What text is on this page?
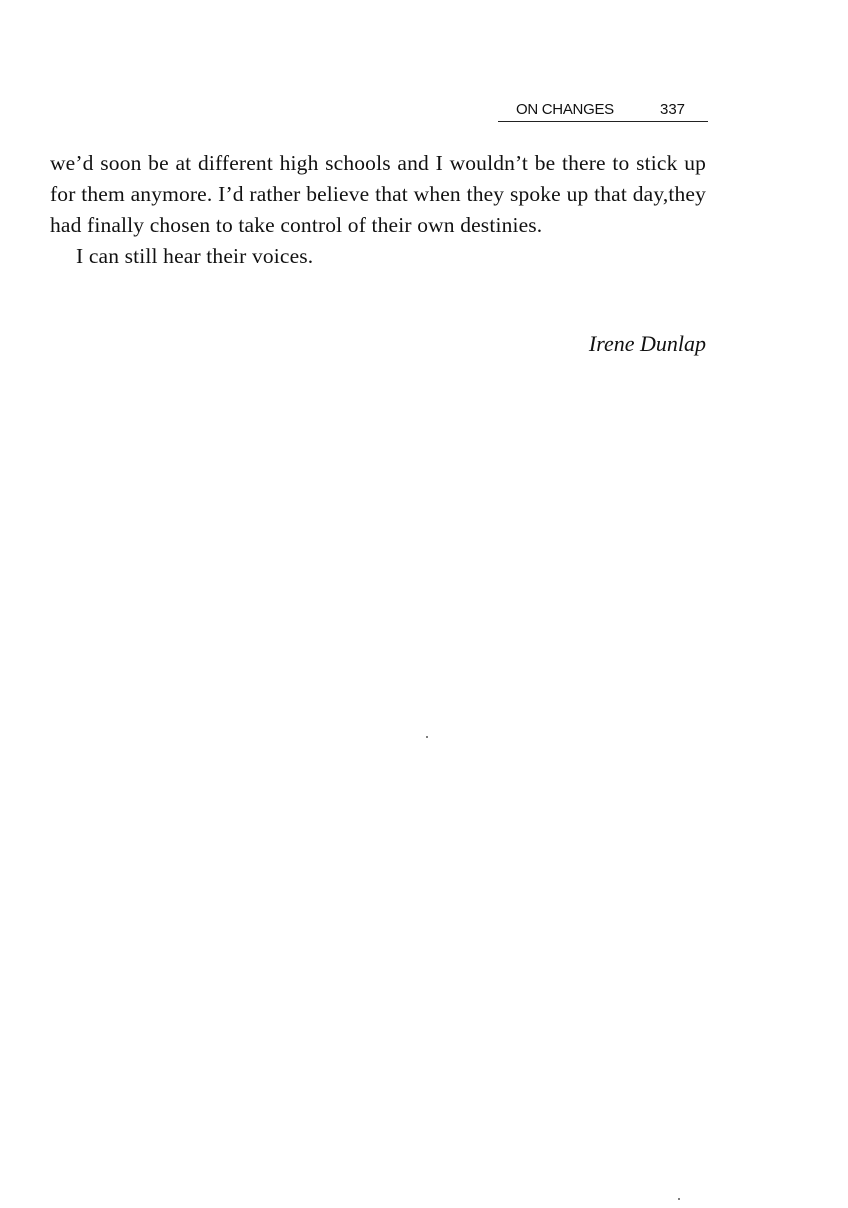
ON CHANGES	337

we’d soon be at different high schools and I wouldn’t be there to stick up for them anymore. I’d rather believe that when they spoke up that day,they had finally chosen to take control of their own destinies.

I can still hear their voices.

Irene Dunlap
